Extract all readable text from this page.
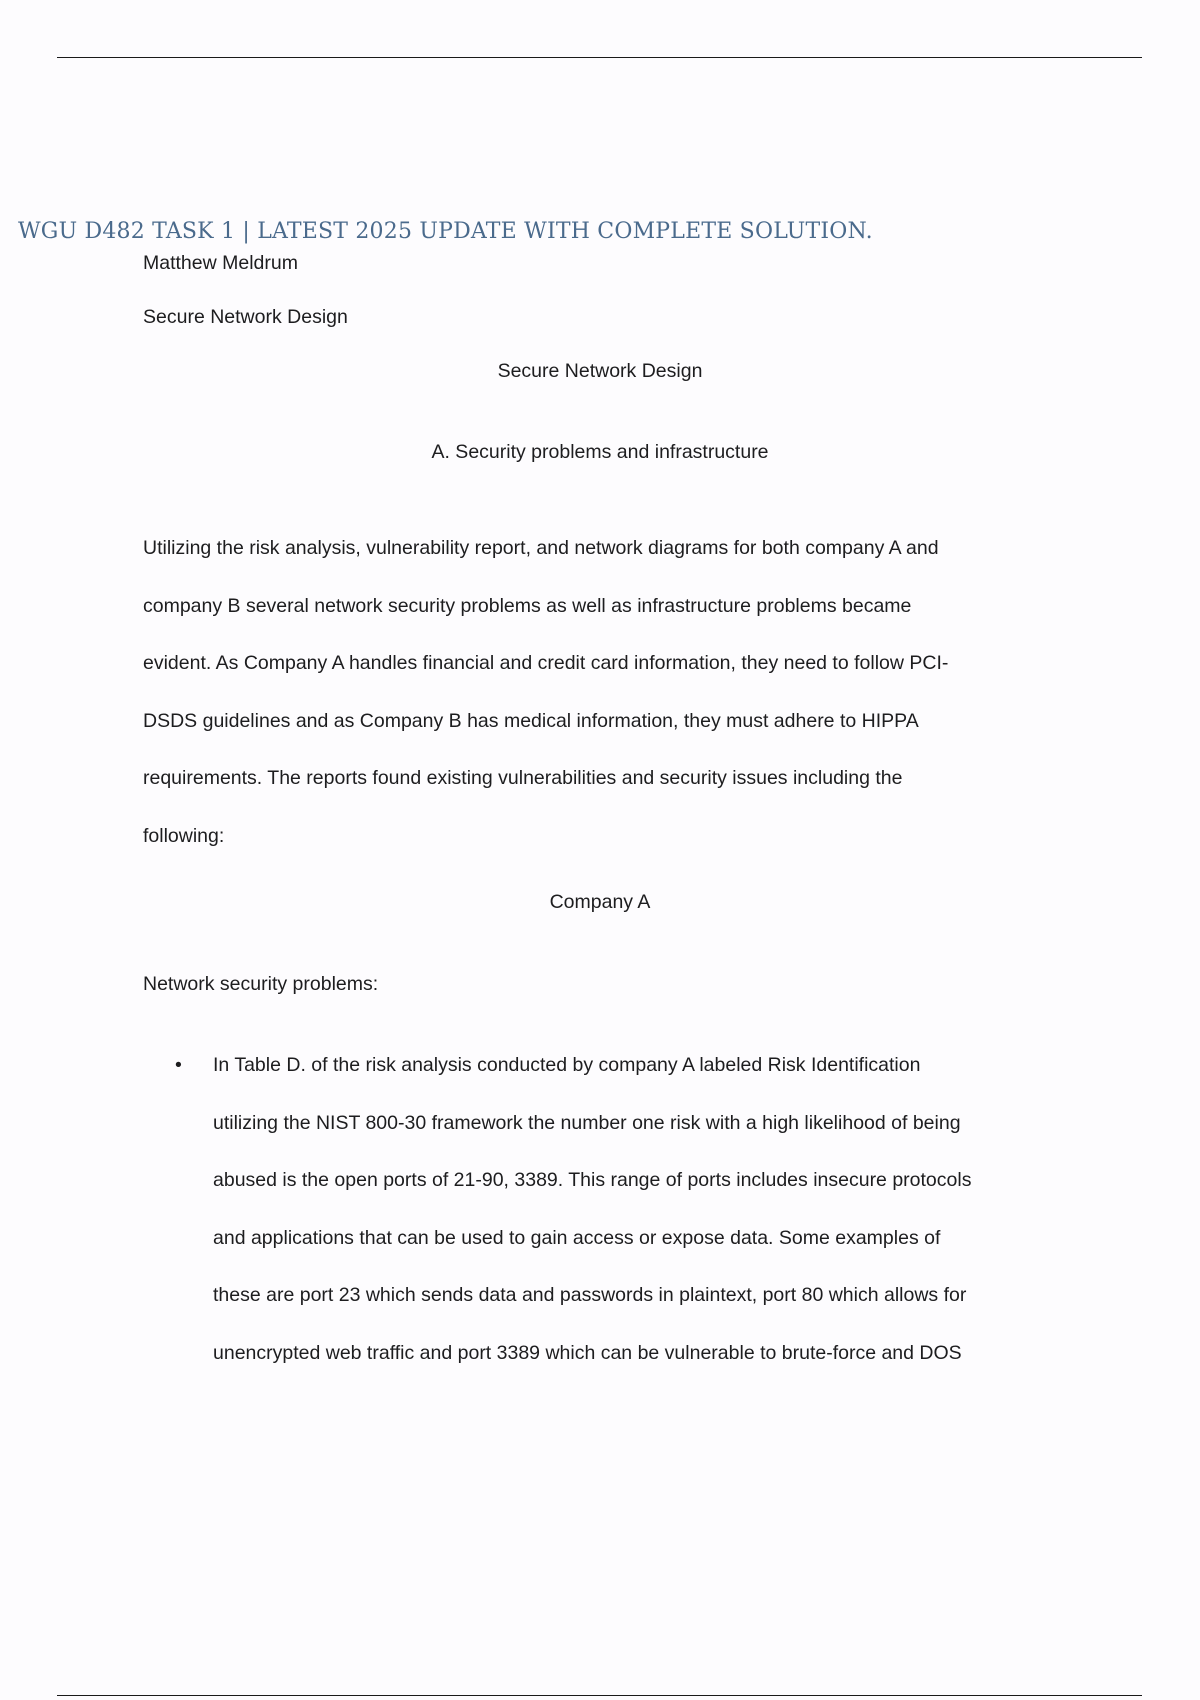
WGU D482 TASK 1 | LATEST 2025 UPDATE WITH COMPLETE SOLUTION.
Matthew Meldrum
Secure Network Design
Secure Network Design
A. Security problems and infrastructure
Utilizing the risk analysis, vulnerability report, and network diagrams for both company A and
company B several network security problems as well as infrastructure problems became
evident. As Company A handles financial and credit card information, they need to follow PCI-
DSDS guidelines and as Company B has medical information, they must adhere to HIPPA
requirements. The reports found existing vulnerabilities and security issues including the
following:
Company A
Network security problems:
• In Table D. of the risk analysis conducted by company A labeled Risk Identification
utilizing the NIST 800-30 framework the number one risk with a high likelihood of being
abused is the open ports of 21-90, 3389. This range of ports includes insecure protocols
and applications that can be used to gain access or expose data. Some examples of
these are port 23 which sends data and passwords in plaintext, port 80 which allows for
unencrypted web traffic and port 3389 which can be vulnerable to brute-force and DOS
